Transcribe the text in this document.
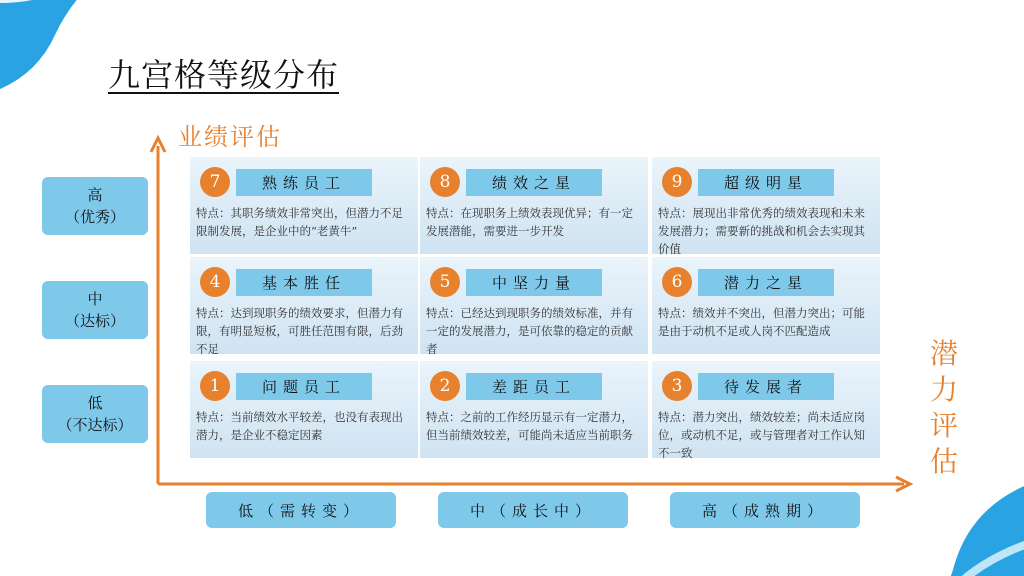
九宫格等级分布
业绩评估
潜力评估
高
（优秀）
中
（达标）
低
（不达标）
7	熟练员工
特点：其职务绩效非常突出，但潜力不足限制发展，是企业中的“老黄牛”
8	绩效之星
特点：在现职务上绩效表现优异；有一定发展潜能，需要进一步开发
9	超级明星
特点：展现出非常优秀的绩效表现和未来发展潜力；需要新的挑战和机会去实现其价值
4	基本胜任
特点：达到现职务的绩效要求，但潜力有限，有明显短板，可胜任范围有限，后劲不足
5	中坚力量
特点：已经达到现职务的绩效标准，并有一定的发展潜力，是可依靠的稳定的贡献者
6	潜力之星
特点：绩效并不突出，但潜力突出；可能是由于动机不足或人岗不匹配造成
1	问题员工
特点：当前绩效水平较差，也没有表现出潜力，是企业不稳定因素
2	差距员工
特点：之前的工作经历显示有一定潜力，但当前绩效较差，可能尚未适应当前职务
3	待发展者
特点：潜力突出，绩效较差；尚未适应岗位，或动机不足，或与管理者对工作认知不一致
低（需转变）	中（成长中）	高（成熟期）
